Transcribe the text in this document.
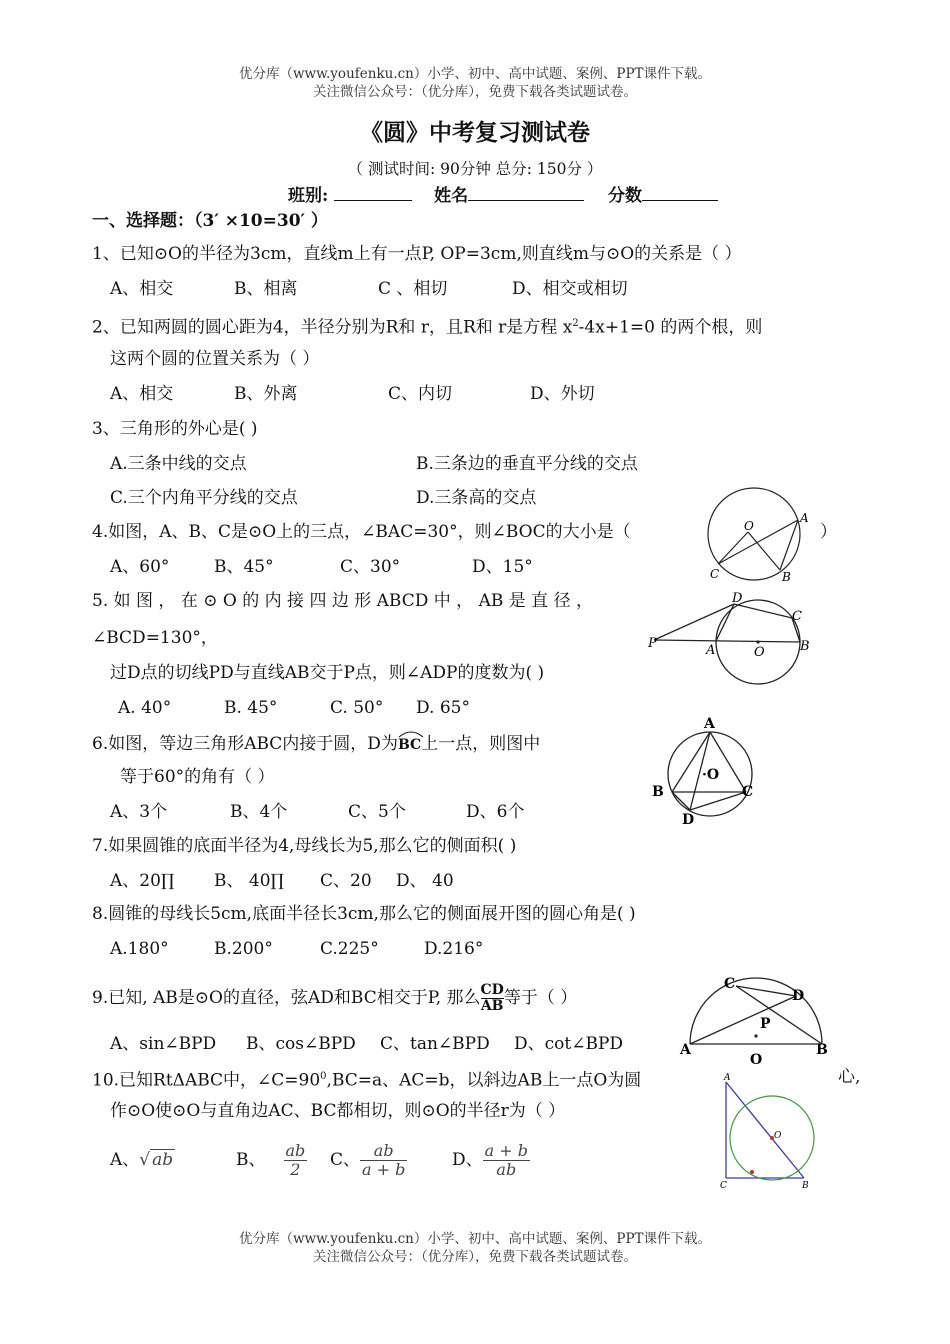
优分库（www.youfenku.cn）小学、初中、高中试题、案例、PPT课件下载。
关注微信公众号：（优分库），免费下载各类试题试卷。
《圆》中考复习测试卷
（ 测试时间: 90分钟 总分: 150分 ）
班别:	姓名	分数
一、选择题：（3′ ×10=30′ ）
1、已知⊙O的半径为3cm，直线m上有一点P, OP=3cm,则直线m与⊙O的关系是（ ）
A、相交	B、相离	C 、相切	D、相交或相切
2、已知两圆的圆心距为4，半径分别为R和 r，且R和 r是方程 $x^2-4x+1=0$ 的两个根，则
这两个圆的位置关系为（ ）
A、相交	B、外离	C、内切	D、外切
3、三角形的外心是( )
A.三条中线的交点	B.三条边的垂直平分线的交点
C.三个内角平分线的交点	D.三条高的交点
4.如图，A、B、C是⊙O上的三点，∠BAC=30°，则∠BOC的大小是（	）
A、60°	B、45°	C、30°	D、15°
O
A
B
C
5. 如 图 ， 在 ⊙ O 的 内 接 四 边 形 ABCD 中 ， AB 是 直 径 ，
∠BCD=130°，
过D点的切线PD与直线AB交于P点，则∠ADP的度数为( )
A. 40°	B. 45°	C. 50° D. 65°
P	A	O	B
C
D
6.如图，等边三角形ABC内接于圆，D为
BC上一点，则图中
等于60°的角有（ ）
A、3个	B、4个	C、5个	D、6个
A
B	C
D
·O
7.如果圆锥的底面半径为4,母线长为5,那么它的侧面积( )
A、20∏ B、 40∏ C、20 D、 40
8.圆锥的母线长5cm,底面半径长3cm,那么它的侧面展开图的圆心角是( )
A.180°	B.200°	C.225°	D.216°
9.已知, AB是⊙O的直径，弦AD和BC相交于P, 那么 $\frac{CD}{AB}$ 等于（ ）
A、sin∠BPD B、cos∠BPD C、tan∠BPD D、cot∠BPD	A	B
C
D
P
O
10.已知RtΔABC中，$\angle C=90^0,BC=a$、AC=b，以斜边AB上一点O为圆	心,
作⊙O使⊙O与直角边AC、BC都相切，则⊙O的半径r为（ ）
A、√ ab	B、 $\frac{ab}{2}$ C、 $\frac{ab}{a + b}$	D、 $\frac{a + b}{ab}$
A
O
C	B
优分库（www.youfenku.cn）小学、初中、高中试题、案例、PPT课件下载。
关注微信公众号：（优分库），免费下载各类试题试卷。
